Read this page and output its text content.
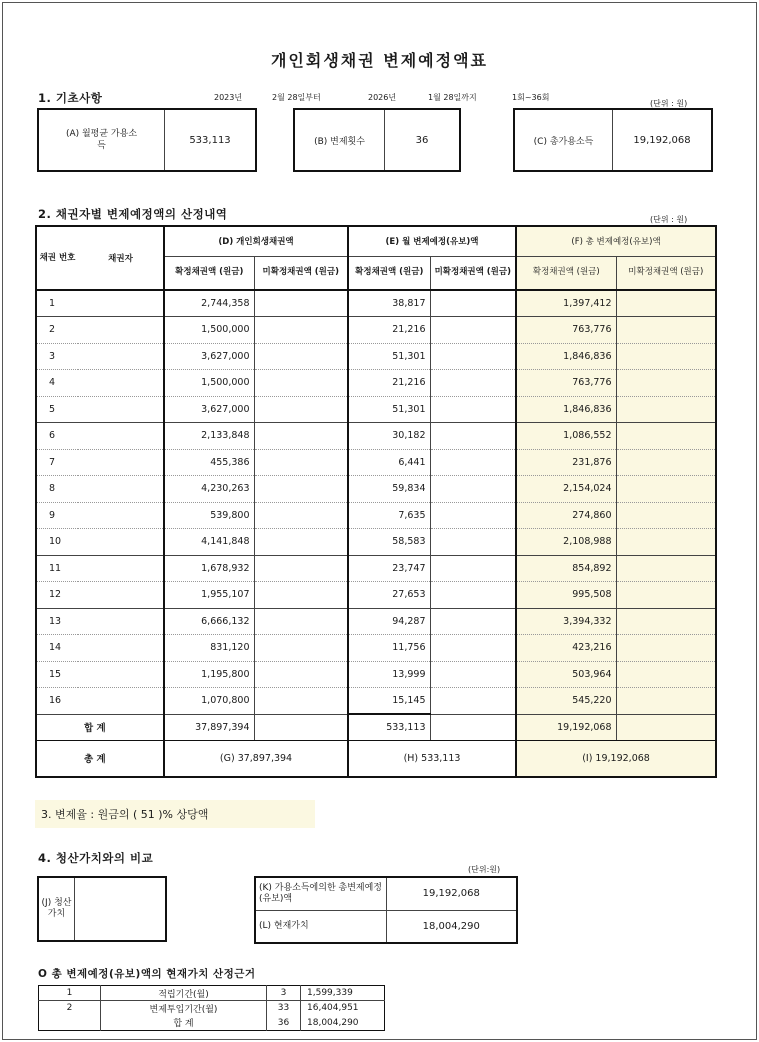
개인회생채권 변제예정액표
1. 기초사항	2023년	2월 28일부터	2026년	1월 28일까지	1회~36회
(단위 : 원)
(A) 월평균 가용소득
533,113	(B) 변제횟수	36	(C) 총가용소득	19,192,068
2. 채권자별 변제예정액의 산정내역	(단위 : 원)
채권 번호	채권자	(D) 개인회생채권액		(E) 월 변제예정(유보)액		(F) 총 변제예정(유보)액	
		확정채권액 (원금)	미확정채권액 (원금)	확정채권액 (원금)	미확정채권액 (원금)	확정채권액 (원금)	미확정채권액 (원금)
1		2,744,358		38,817		1,397,412	
2		1,500,000		21,216		763,776	
3		3,627,000		51,301		1,846,836	
4		1,500,000		21,216		763,776	
5		3,627,000		51,301		1,846,836	
6		2,133,848		30,182		1,086,552	
7		455,386		6,441		231,876	
8		4,230,263		59,834		2,154,024	
9		539,800		7,635		274,860	
10		4,141,848		58,583		2,108,988	
11		1,678,932		23,747		854,892	
12		1,955,107		27,653		995,508	
13		6,666,132		94,287		3,394,332	
14		831,120		11,756		423,216	
15		1,195,800		13,999		503,964	
16		1,070,800		15,145		545,220	
	합 계	37,897,394		533,113		19,192,068	
	총 계	(G) 37,897,394		(H) 533,113		(I) 19,192,068	
3. 변제율 : 원금의 ( 51 )% 상당액
4. 청산가치와의 비교
(단위:원)
(J) 청산 가치
(K) 가용소득에의한 총변제예정(유보)액	19,192,068
(L) 현재가치	18,004,290
O 총 변제예정(유보)액의 현재가치 산정근거
1	적립기간(월)	3	1,599,339
2	변제투입기간(월)	33	16,404,951
	합 계	36	18,004,290
